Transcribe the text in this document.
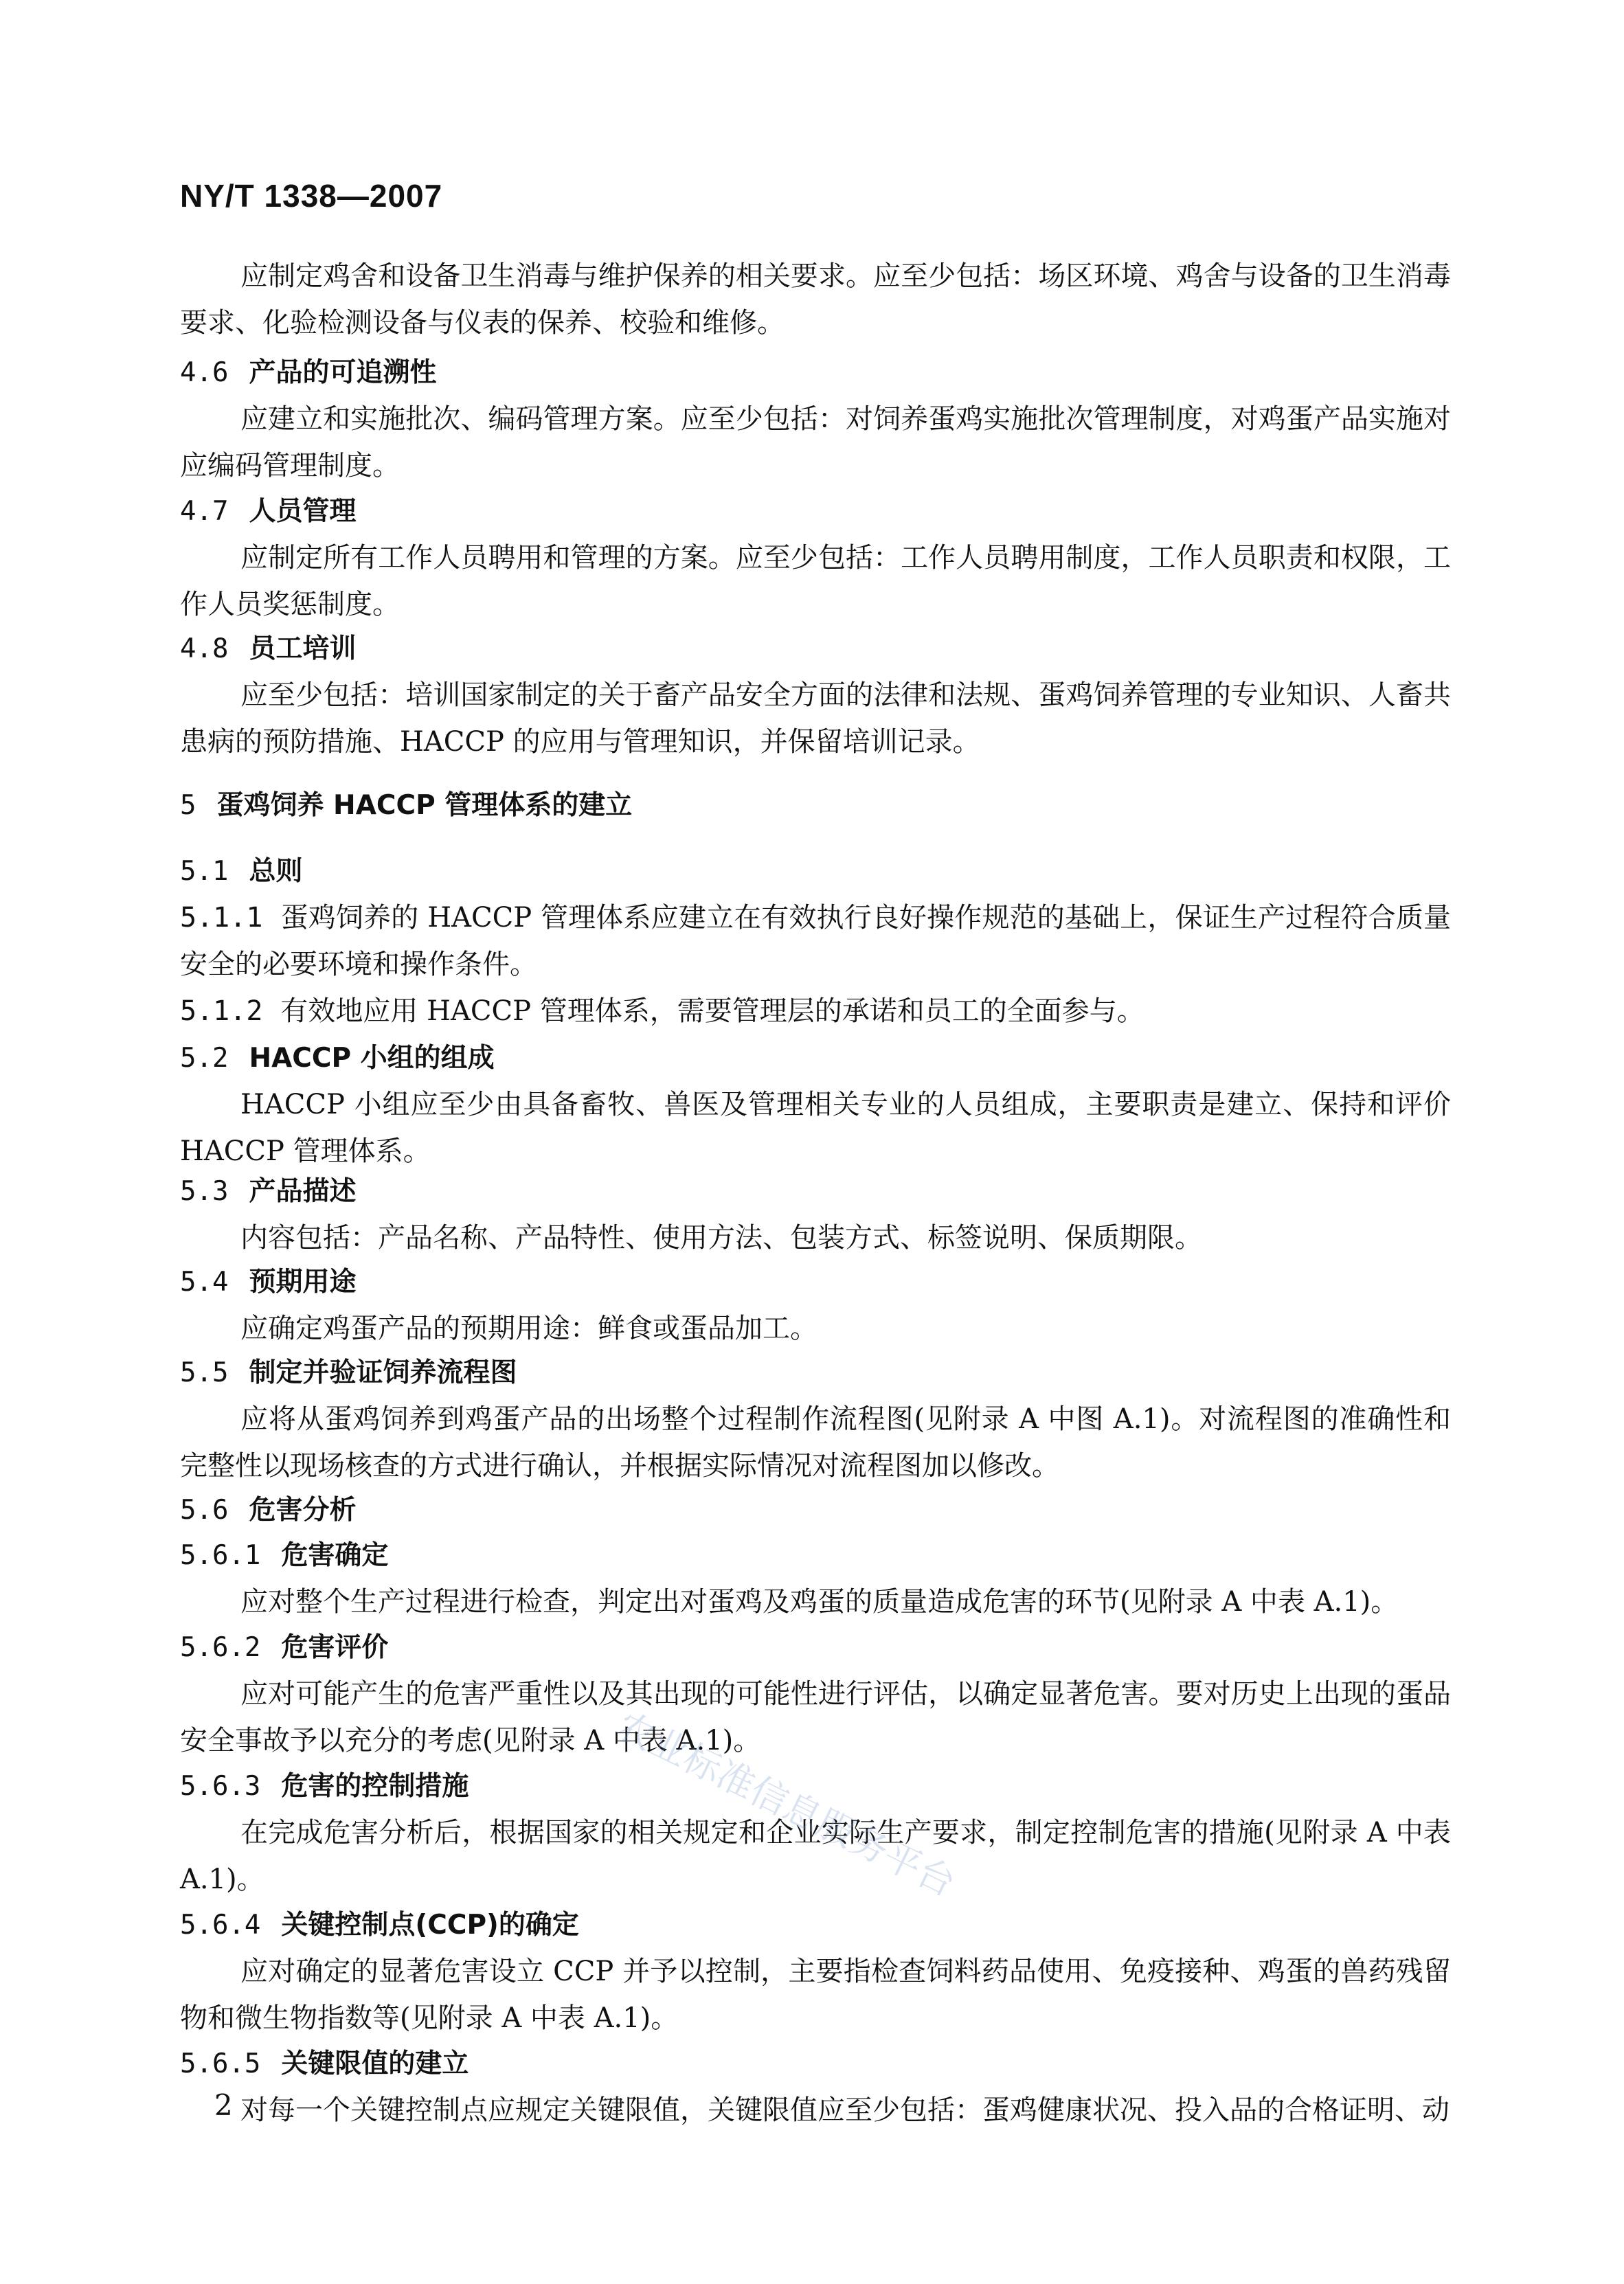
NY/T 1338—2007
应制定鸡舍和设备卫生消毒与维护保养的相关要求。应至少包括：场区环境、鸡舍与设备的卫生消毒要求、化验检测设备与仪表的保养、校验和维修。
4.6 产品的可追溯性
应建立和实施批次、编码管理方案。应至少包括：对饲养蛋鸡实施批次管理制度，对鸡蛋产品实施对应编码管理制度。
4.7 人员管理
应制定所有工作人员聘用和管理的方案。应至少包括：工作人员聘用制度，工作人员职责和权限，工作人员奖惩制度。
4.8 员工培训
应至少包括：培训国家制定的关于畜产品安全方面的法律和法规、蛋鸡饲养管理的专业知识、人畜共患病的预防措施、HACCP 的应用与管理知识，并保留培训记录。
5 蛋鸡饲养 HACCP 管理体系的建立
5.1 总则
5.1.1 蛋鸡饲养的 HACCP 管理体系应建立在有效执行良好操作规范的基础上，保证生产过程符合质量安全的必要环境和操作条件。
5.1.2 有效地应用 HACCP 管理体系，需要管理层的承诺和员工的全面参与。
5.2 HACCP 小组的组成
HACCP 小组应至少由具备畜牧、兽医及管理相关专业的人员组成，主要职责是建立、保持和评价 HACCP 管理体系。
5.3 产品描述
内容包括：产品名称、产品特性、使用方法、包装方式、标签说明、保质期限。
5.4 预期用途
应确定鸡蛋产品的预期用途：鲜食或蛋品加工。
5.5 制定并验证饲养流程图
应将从蛋鸡饲养到鸡蛋产品的出场整个过程制作流程图(见附录 A 中图 A.1)。对流程图的准确性和完整性以现场核查的方式进行确认，并根据实际情况对流程图加以修改。
5.6 危害分析
5.6.1 危害确定
应对整个生产过程进行检查，判定出对蛋鸡及鸡蛋的质量造成危害的环节(见附录 A 中表 A.1)。
5.6.2 危害评价
应对可能产生的危害严重性以及其出现的可能性进行评估，以确定显著危害。要对历史上出现的蛋品安全事故予以充分的考虑(见附录 A 中表 A.1)。
5.6.3 危害的控制措施
在完成危害分析后，根据国家的相关规定和企业实际生产要求，制定控制危害的措施(见附录 A 中表 A.1)。
5.6.4 关键控制点(CCP)的确定
应对确定的显著危害设立 CCP 并予以控制，主要指检查饲料药品使用、免疫接种、鸡蛋的兽药残留物和微生物指数等(见附录 A 中表 A.1)。
5.6.5 关键限值的建立
对每一个关键控制点应规定关键限值，关键限值应至少包括：蛋鸡健康状况、投入品的合格证明、动
2
农业标准信息服务平台
